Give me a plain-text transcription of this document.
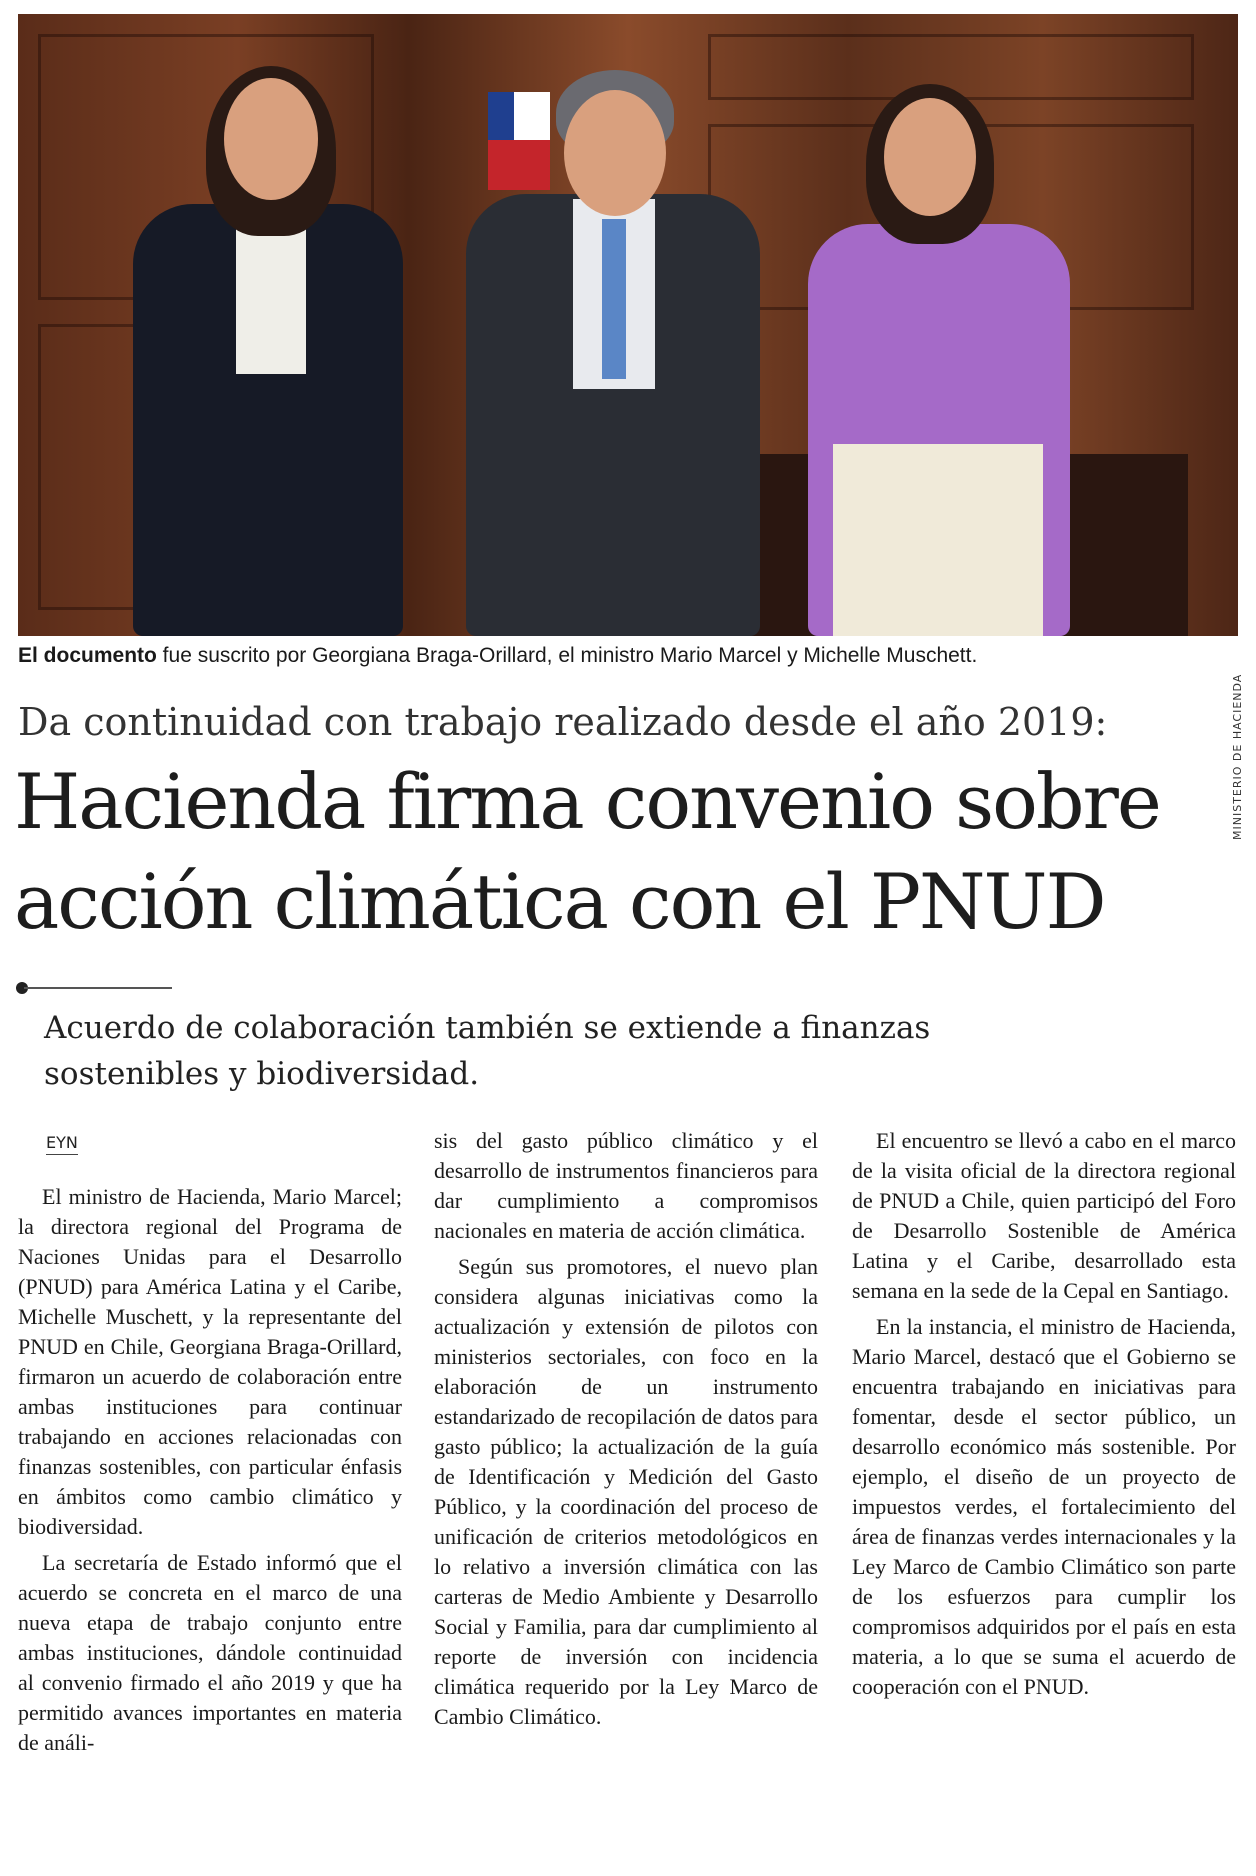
MINISTERIO DE HACIENDA
El documento fue suscrito por Georgiana Braga-Orillard, el ministro Mario Marcel y Michelle Muschett.
Da continuidad con trabajo realizado desde el año 2019:
Hacienda firma convenio sobre
acción climática con el PNUD
Acuerdo de colaboración también se extiende a finanzas
sostenibles y biodiversidad.
EYN

El ministro de Hacienda, Mario Marcel; la directora regional del Programa de Naciones Unidas para el Desarrollo (PNUD) para América Latina y el Caribe, Michelle Muschett, y la representante del PNUD en Chile, Georgiana Braga-Orillard, firmaron un acuerdo de colaboración entre ambas instituciones para continuar trabajando en acciones relacionadas con finanzas sostenibles, con particular énfasis en ámbitos como cambio climático y biodiversidad.

La secretaría de Estado informó que el acuerdo se concreta en el marco de una nueva etapa de trabajo conjunto entre ambas instituciones, dándole continuidad al convenio firmado el año 2019 y que ha permitido avances importantes en materia de análi-

sis del gasto público climático y el desarrollo de instrumentos financieros para dar cumplimiento a compromisos nacionales en materia de acción climática.

Según sus promotores, el nuevo plan considera algunas iniciativas como la actualización y extensión de pilotos con ministerios sectoriales, con foco en la elaboración de un instrumento estandarizado de recopilación de datos para gasto público; la actualización de la guía de Identificación y Medición del Gasto Público, y la coordinación del proceso de unificación de criterios metodológicos en lo relativo a inversión climática con las carteras de Medio Ambiente y Desarrollo Social y Familia, para dar cumplimiento al reporte de inversión con incidencia climática requerido por la Ley Marco de Cambio Climático.

El encuentro se llevó a cabo en el marco de la visita oficial de la directora regional de PNUD a Chile, quien participó del Foro de Desarrollo Sostenible de América Latina y el Caribe, desarrollado esta semana en la sede de la Cepal en Santiago.

En la instancia, el ministro de Hacienda, Mario Marcel, destacó que el Gobierno se encuentra trabajando en iniciativas para fomentar, desde el sector público, un desarrollo económico más sostenible. Por ejemplo, el diseño de un proyecto de impuestos verdes, el fortalecimiento del área de finanzas verdes internacionales y la Ley Marco de Cambio Climático son parte de los esfuerzos para cumplir los compromisos adquiridos por el país en esta materia, a lo que se suma el acuerdo de cooperación con el PNUD.
